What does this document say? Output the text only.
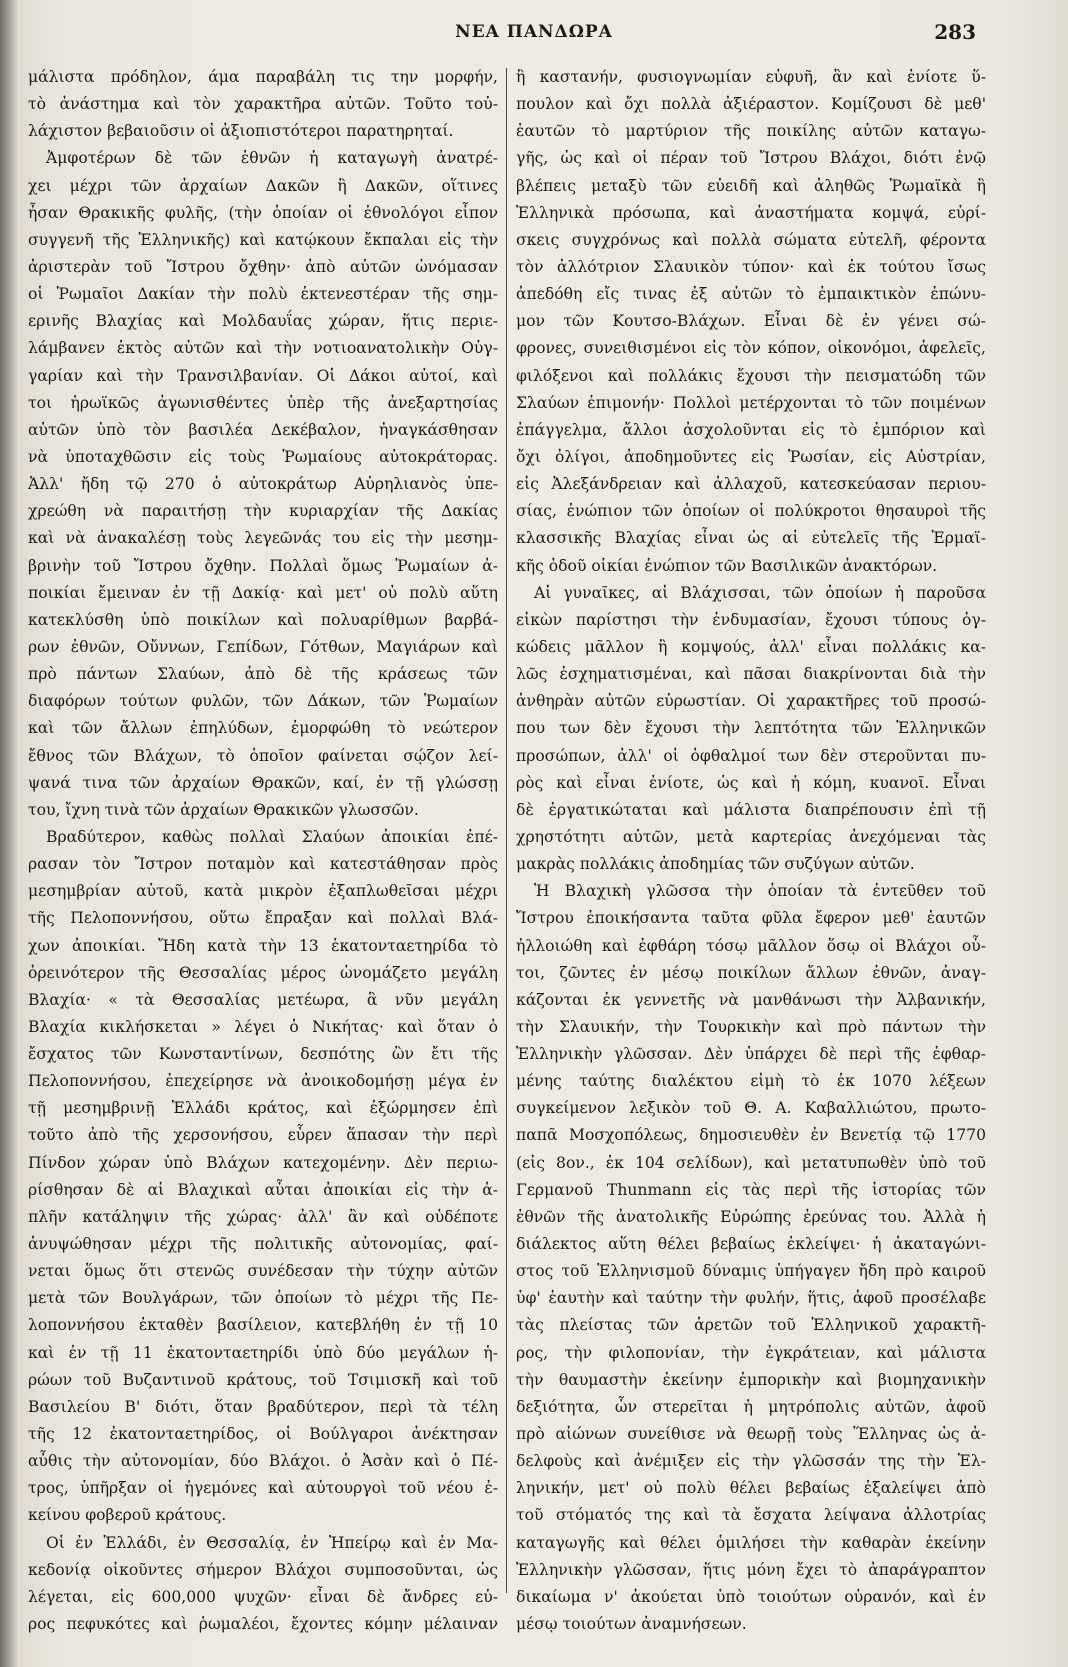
ΝΕΑ ΠΑΝΔΩΡΑ	283
μάλιστα πρόδηλον, άμα παραβάλη τις την μορφήν,
τὸ ἀνάστημα καὶ τὸν χαρακτῆρα αὐτῶν. Τοῦτο τοὐ-
λάχιστον βεβαιοῦσιν οἱ ἀξιοπιστότεροι παρατηρηταί.
Ἀμφοτέρων δὲ τῶν ἐθνῶν ἡ καταγωγὴ ἀνατρέ-
χει μέχρι τῶν ἀρχαίων Δακῶν ἢ Δακῶν, οἵτινες
ἦσαν Θρακικῆς φυλῆς, (τὴν ὁποίαν οἱ ἐθνολόγοι εἶπον
συγγενῆ τῆς Ἑλληνικῆς) καὶ κατῴκουν ἔκπαλαι εἰς τὴν
ἀριστερὰν τοῦ Ἴστρου ὄχθην· ἀπὸ αὐτῶν ὠνόμασαν
οἱ Ῥωμαῖοι Δακίαν τὴν πολὺ ἐκτενεστέραν τῆς σημ-
ερινῆς Βλαχίας καὶ Μολδαυΐας χώραν, ἥτις περιε-
λάμβανεν ἐκτὸς αὐτῶν καὶ τὴν νοτιοανατολικὴν Οὐγ-
γαρίαν καὶ τὴν Τρανσιλβανίαν. Οἱ Δάκοι αὐτοί, καὶ
τοι ἡρωϊκῶς ἀγωνισθέντες ὑπὲρ τῆς ἀνεξαρτησίας
αὐτῶν ὑπὸ τὸν βασιλέα Δεκέβαλον, ἠναγκάσθησαν
νὰ ὑποταχθῶσιν εἰς τοὺς Ῥωμαίους αὐτοκράτορας.
Ἀλλ' ἤδη τῷ 270 ὁ αὐτοκράτωρ Αὐρηλιανὸς ὑπε-
χρεώθη νὰ παραιτήσῃ τὴν κυριαρχίαν τῆς Δακίας
καὶ νὰ ἀνακαλέσῃ τοὺς λεγεῶνάς του εἰς τὴν μεσημ-
βρινὴν τοῦ Ἴστρου ὄχθην. Πολλαὶ ὅμως Ῥωμαίων ἀ-
ποικίαι ἔμειναν ἐν τῇ Δακίᾳ· καὶ μετ' οὐ πολὺ αὕτη
κατεκλύσθη ὑπὸ ποικίλων καὶ πολυαρίθμων βαρβά-
ρων ἐθνῶν, Οὔννων, Γεπίδων, Γότθων, Μαγιάρων καὶ
πρὸ πάντων Σλαύων, ἀπὸ δὲ τῆς κράσεως τῶν
διαφόρων τούτων φυλῶν, τῶν Δάκων, τῶν Ῥωμαίων
καὶ τῶν ἄλλων ἐπηλύδων, ἐμορφώθη τὸ νεώτερον
ἔθνος τῶν Βλάχων, τὸ ὁποῖον φαίνεται σῴζον λεί-
ψανά τινα τῶν ἀρχαίων Θρακῶν, καί, ἐν τῇ γλώσσῃ
του, ἴχνη τινὰ τῶν ἀρχαίων Θρακικῶν γλωσσῶν.
Βραδύτερον, καθὼς πολλαὶ Σλαύων ἀποικίαι ἐπέ-
ρασαν τὸν Ἴστρον ποταμὸν καὶ κατεστάθησαν πρὸς
μεσημβρίαν αὐτοῦ, κατὰ μικρὸν ἐξαπλωθεῖσαι μέχρι
τῆς Πελοποννήσου, οὕτω ἔπραξαν καὶ πολλαὶ Βλά-
χων ἀποικίαι. Ἤδη κατὰ τὴν 13 ἑκατονταετηρίδα τὸ
ὀρεινότερον τῆς Θεσσαλίας μέρος ὠνομάζετο μεγάλη
Βλαχία· « τὰ Θεσσαλίας μετέωρα, ἃ νῦν μεγάλη
Βλαχία κικλήσκεται » λέγει ὁ Νικήτας· καὶ ὅταν ὁ
ἔσχατος τῶν Κωνσταντίνων, δεσπότης ὢν ἔτι τῆς
Πελοποννήσου, ἐπεχείρησε νὰ ἀνοικοδομήσῃ μέγα ἐν
τῇ μεσημβρινῇ Ἑλλάδι κράτος, καὶ ἐξώρμησεν ἐπὶ
τοῦτο ἀπὸ τῆς χερσονήσου, εὗρεν ἅπασαν τὴν περὶ
Πίνδον χώραν ὑπὸ Βλάχων κατεχομένην. Δὲν περιω-
ρίσθησαν δὲ αἱ Βλαχικαὶ αὗται ἀποικίαι εἰς τὴν ἁ-
πλῆν κατάληψιν τῆς χώρας· ἀλλ' ἂν καὶ οὐδέποτε
ἀνυψώθησαν μέχρι τῆς πολιτικῆς αὐτονομίας, φαί-
νεται ὅμως ὅτι στενῶς συνέδεσαν τὴν τύχην αὐτῶν
μετὰ τῶν Βουλγάρων, τῶν ὁποίων τὸ μέχρι τῆς Πε-
λοποννήσου ἐκταθὲν βασίλειον, κατεβλήθη ἐν τῇ 10
καὶ ἐν τῇ 11 ἑκατονταετηρίδι ὑπὸ δύο μεγάλων ἡ-
ρώων τοῦ Βυζαντινοῦ κράτους, τοῦ Τσιμισκῆ καὶ τοῦ
Βασιλείου Β' διότι, ὅταν βραδύτερον, περὶ τὰ τέλη
τῆς 12 ἑκατονταετηρίδος, οἱ Βούλγαροι ἀνέκτησαν
αὖθις τὴν αὐτονομίαν, δύο Βλάχοι. ὁ Ἀσὰν καὶ ὁ Πέ-
τρος, ὑπῆρξαν οἱ ἡγεμόνες καὶ αὐτουργοὶ τοῦ νέου ἐ-
κείνου φοβεροῦ κράτους.
Οἱ ἐν Ἑλλάδι, ἐν Θεσσαλίᾳ, ἐν Ἠπείρῳ καὶ ἐν Μα-
κεδονίᾳ οἰκοῦντες σήμερον Βλάχοι συμποσοῦνται, ὡς
λέγεται, εἰς 600,000 ψυχῶν· εἶναι δὲ ἄνδρες εὐ-
ρος πεφυκότες καὶ ῥωμαλέοι, ἔχοντες κόμην μέλαιναν
ἢ καστανήν, φυσιογνωμίαν εὐφυῆ, ἂν καὶ ἐνίοτε ὕ-
πουλον καὶ ὄχι πολλὰ ἀξιέραστον. Κομίζουσι δὲ μεθ'
ἑαυτῶν τὸ μαρτύριον τῆς ποικίλης αὐτῶν καταγω-
γῆς, ὡς καὶ οἱ πέραν τοῦ Ἴστρου Βλάχοι, διότι ἐνῷ
βλέπεις μεταξὺ τῶν εὐειδῆ καὶ ἀληθῶς Ῥωμαϊκὰ ἢ
Ἑλληνικὰ πρόσωπα, καὶ ἀναστήματα κομψά, εὑρί-
σκεις συγχρόνως καὶ πολλὰ σώματα εὐτελῆ, φέροντα
τὸν ἀλλότριον Σλαυικὸν τύπον· καὶ ἐκ τούτου ἴσως
ἀπεδόθη εἴς τινας ἐξ αὐτῶν τὸ ἐμπαικτικὸν ἐπώνυ-
μον τῶν Κουτσο-Βλάχων. Εἶναι δὲ ἐν γένει σώ-
φρονες, συνειθισμένοι εἰς τὸν κόπον, οἰκονόμοι, ἀφελεῖς,
φιλόξενοι καὶ πολλάκις ἔχουσι τὴν πεισματώδη τῶν
Σλαύων ἐπιμονήν· Πολλοὶ μετέρχονται τὸ τῶν ποιμένων
ἐπάγγελμα, ἄλλοι ἀσχολοῦνται εἰς τὸ ἐμπόριον καὶ
ὄχι ὀλίγοι, ἀποδημοῦντες εἰς Ῥωσίαν, εἰς Αὐστρίαν,
εἰς Ἀλεξάνδρειαν καὶ ἀλλαχοῦ, κατεσκεύασαν περιου-
σίας, ἐνώπιον τῶν ὁποίων οἱ πολύκροτοι θησαυροὶ τῆς
κλασσικῆς Βλαχίας εἶναι ὡς αἱ εὐτελεῖς τῆς Ἑρμαϊ-
κῆς ὁδοῦ οἰκίαι ἐνώπιον τῶν Βασιλικῶν ἀνακτόρων.
Αἱ γυναῖκες, αἱ Βλάχισσαι, τῶν ὁποίων ἡ παροῦσα
εἰκὼν παρίστησι τὴν ἐνδυμασίαν, ἔχουσι τύπους ὀγ-
κώδεις μᾶλλον ἢ κομψούς, ἀλλ' εἶναι πολλάκις κα-
λῶς ἐσχηματισμέναι, καὶ πᾶσαι διακρίνονται διὰ τὴν
ἀνθηρὰν αὐτῶν εὐρωστίαν. Οἱ χαρακτῆρες τοῦ προσώ-
που των δὲν ἔχουσι τὴν λεπτότητα τῶν Ἑλληνικῶν
προσώπων, ἀλλ' οἱ ὀφθαλμοί των δὲν στεροῦνται πυ-
ρὸς καὶ εἶναι ἐνίοτε, ὡς καὶ ἡ κόμη, κυανοῖ. Εἶναι
δὲ ἐργατικώταται καὶ μάλιστα διαπρέπουσιν ἐπὶ τῇ
χρηστότητι αὐτῶν, μετὰ καρτερίας ἀνεχόμεναι τὰς
μακρὰς πολλάκις ἀποδημίας τῶν συζύγων αὐτῶν.
Ἡ Βλαχικὴ γλῶσσα τὴν ὁποίαν τὰ ἐντεῦθεν τοῦ
Ἴστρου ἐποικήσαντα ταῦτα φῦλα ἔφερον μεθ' ἑαυτῶν
ἠλλοιώθη καὶ ἐφθάρη τόσῳ μᾶλλον ὅσῳ οἱ Βλάχοι οὗ-
τοι, ζῶντες ἐν μέσῳ ποικίλων ἄλλων ἐθνῶν, ἀναγ-
κάζονται ἐκ γεννετῆς νὰ μανθάνωσι τὴν Ἀλβανικήν,
τὴν Σλαυικήν, τὴν Τουρκικὴν καὶ πρὸ πάντων τὴν
Ἑλληνικὴν γλῶσσαν. Δὲν ὑπάρχει δὲ περὶ τῆς ἐφθαρ-
μένης ταύτης διαλέκτου εἰμὴ τὸ ἐκ 1070 λέξεων
συγκείμενον λεξικὸν τοῦ Θ. Α. Καβαλλιώτου, πρωτο-
παπᾶ Μοσχοπόλεως, δημοσιευθὲν ἐν Βενετίᾳ τῷ 1770
(εἰς 8ον., ἐκ 104 σελίδων), καὶ μετατυπωθὲν ὑπὸ τοῦ
Γερμανοῦ Thunmann εἰς τὰς περὶ τῆς ἱστορίας τῶν
ἐθνῶν τῆς ἀνατολικῆς Εὐρώπης ἐρεύνας του. Ἀλλὰ ἡ
διάλεκτος αὕτη θέλει βεβαίως ἐκλείψει· ἡ ἀκαταγώνι-
στος τοῦ Ἑλληνισμοῦ δύναμις ὑπήγαγεν ἤδη πρὸ καιροῦ
ὑφ' ἑαυτὴν καὶ ταύτην τὴν φυλήν, ἥτις, ἀφοῦ προσέλαβε
τὰς πλείστας τῶν ἀρετῶν τοῦ Ἑλληνικοῦ χαρακτῆ-
ρος, τὴν φιλοπονίαν, τὴν ἐγκράτειαν, καὶ μάλιστα
τὴν θαυμαστὴν ἐκείνην ἐμπορικὴν καὶ βιομηχανικὴν
δεξιότητα, ὧν στερεῖται ἡ μητρόπολις αὐτῶν, ἀφοῦ
πρὸ αἰώνων συνείθισε νὰ θεωρῇ τοὺς Ἕλληνας ὡς ἀ-
δελφοὺς καὶ ἀνέμιξεν εἰς τὴν γλῶσσάν της τὴν Ἑλ-
ληνικήν, μετ' οὐ πολὺ θέλει βεβαίως ἐξαλείψει ἀπὸ
τοῦ στόματός της καὶ τὰ ἔσχατα λείψανα ἀλλοτρίας
καταγωγῆς καὶ θέλει ὁμιλήσει τὴν καθαρὰν ἐκείνην
Ἑλληνικὴν γλῶσσαν, ἥτις μόνη ἔχει τὸ ἀπαράγραπτον
δικαίωμα ν' ἀκούεται ὑπὸ τοιούτων οὐρανόν, καὶ ἐν
μέσῳ τοιούτων ἀναμνήσεων.
